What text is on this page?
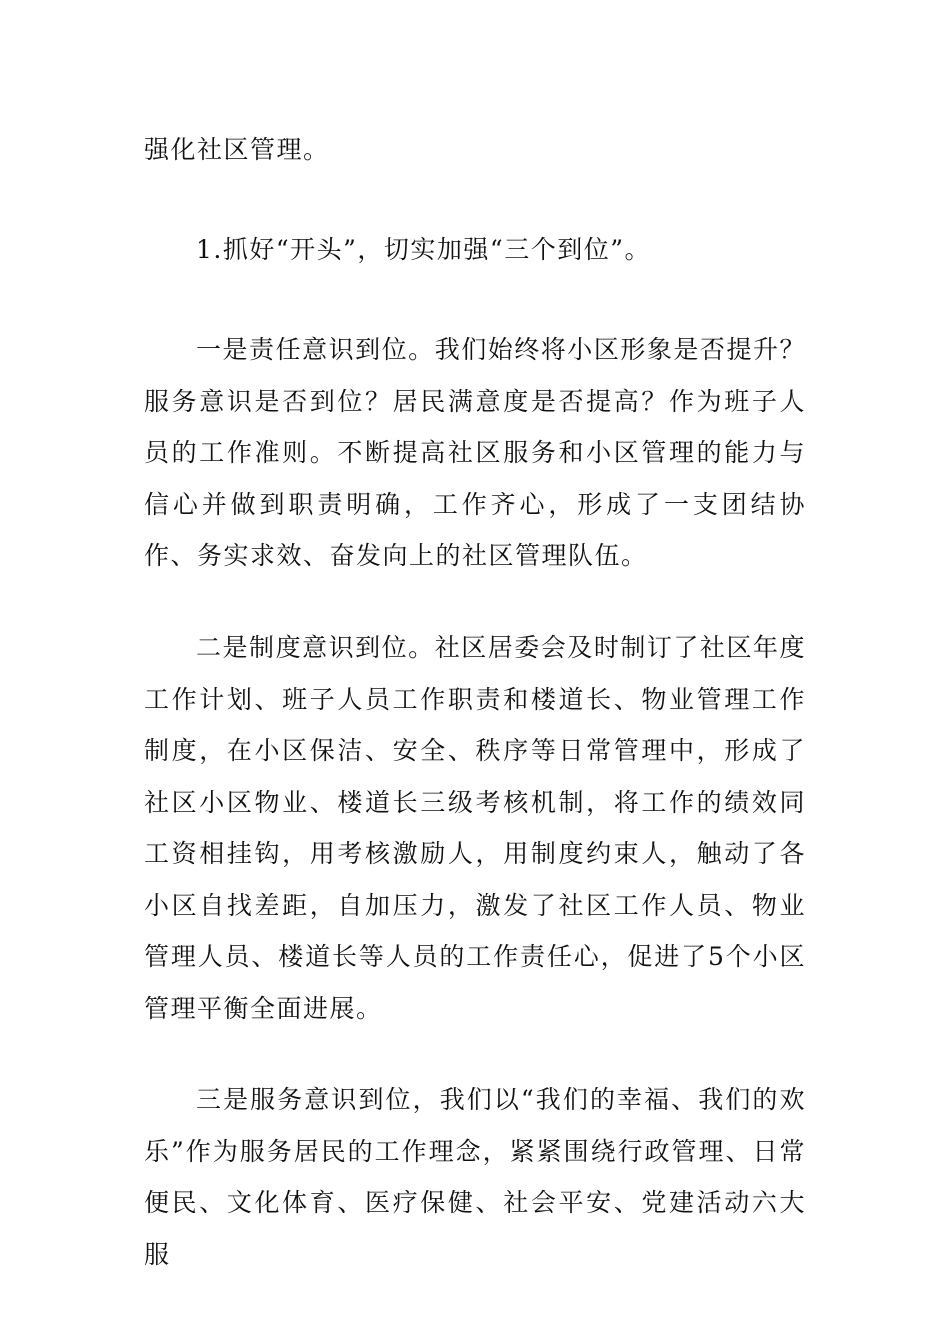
强化社区管理。

1.抓好“开头”，切实加强“三个到位”。

一是责任意识到位。我们始终将小区形象是否提升？服务意识是否到位？居民满意度是否提高？作为班子人员的工作准则。不断提高社区服务和小区管理的能力与信心并做到职责明确，工作齐心，形成了一支团结协作、务实求效、奋发向上的社区管理队伍。

二是制度意识到位。社区居委会及时制订了社区年度工作计划、班子人员工作职责和楼道长、物业管理工作制度，在小区保洁、安全、秩序等日常管理中，形成了社区小区物业、楼道长三级考核机制，将工作的绩效同工资相挂钩，用考核激励人，用制度约束人，触动了各小区自找差距，自加压力，激发了社区工作人员、物业管理人员、楼道长等人员的工作责任心，促进了5个小区管理平衡全面进展。

三是服务意识到位，我们以“我们的幸福、我们的欢乐”作为服务居民的工作理念，紧紧围绕行政管理、日常便民、文化体育、医疗保健、社会平安、党建活动六大服
